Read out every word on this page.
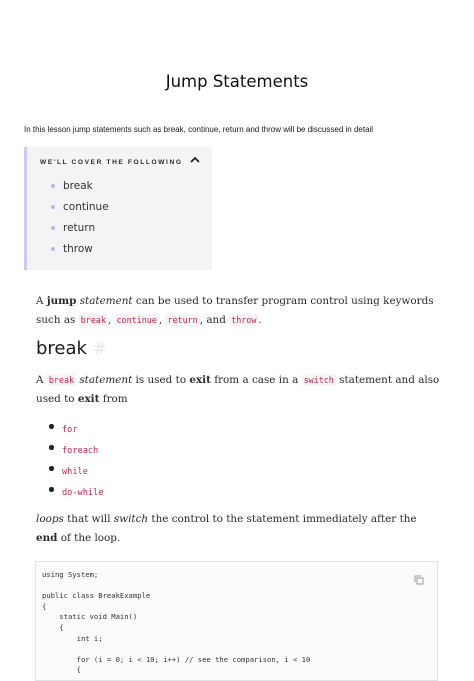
Jump Statements
In this lesson jump statements such as break, continue, return and throw will be discussed in detail
WE'LL COVER THE FOLLOWING
break
continue
return
throw
A jump statement can be used to transfer program control using keywords such as break , continue , return , and throw .
break #
A break statement is used to exit from a case in a switch statement and also used to exit from
for
foreach
while
do-while
loops that will switch the control to the statement immediately after the end of the loop.
using System;

public class BreakExample
{
static void Main()
{
int i;

for (i = 0; i < 10; i++) // see the comparison, i < 10
{
